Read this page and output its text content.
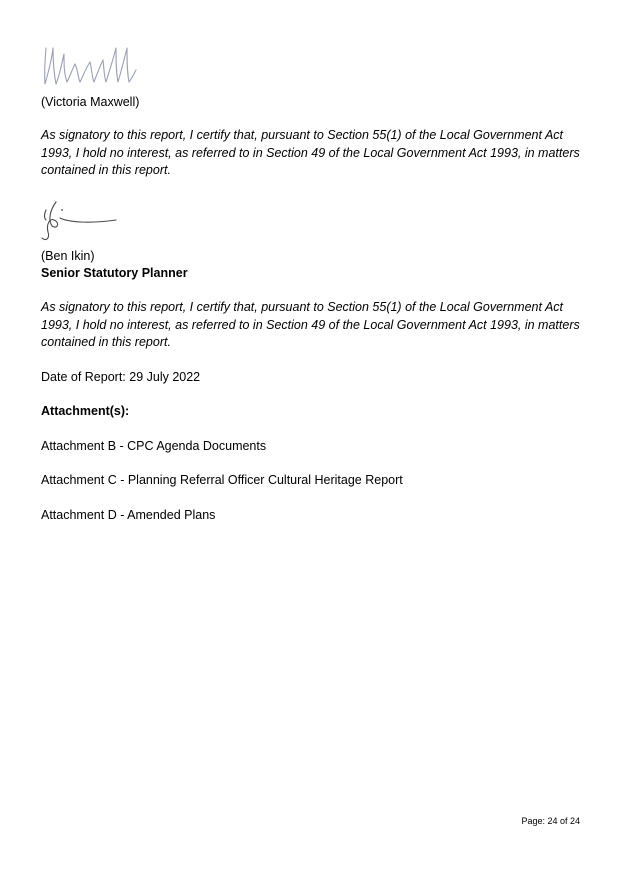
(Victoria Maxwell)
As signatory to this report, I certify that, pursuant to Section 55(1) of the Local Government Act 1993, I hold no interest, as referred to in Section 49 of the Local Government Act 1993, in matters contained in this report.
(Ben Ikin)
Senior Statutory Planner
As signatory to this report, I certify that, pursuant to Section 55(1) of the Local Government Act 1993, I hold no interest, as referred to in Section 49 of the Local Government Act 1993, in matters contained in this report.
Date of Report: 29 July 2022
Attachment(s):
Attachment B - CPC Agenda Documents
Attachment C - Planning Referral Officer Cultural Heritage Report
Attachment D - Amended Plans
Page: 24 of 24
